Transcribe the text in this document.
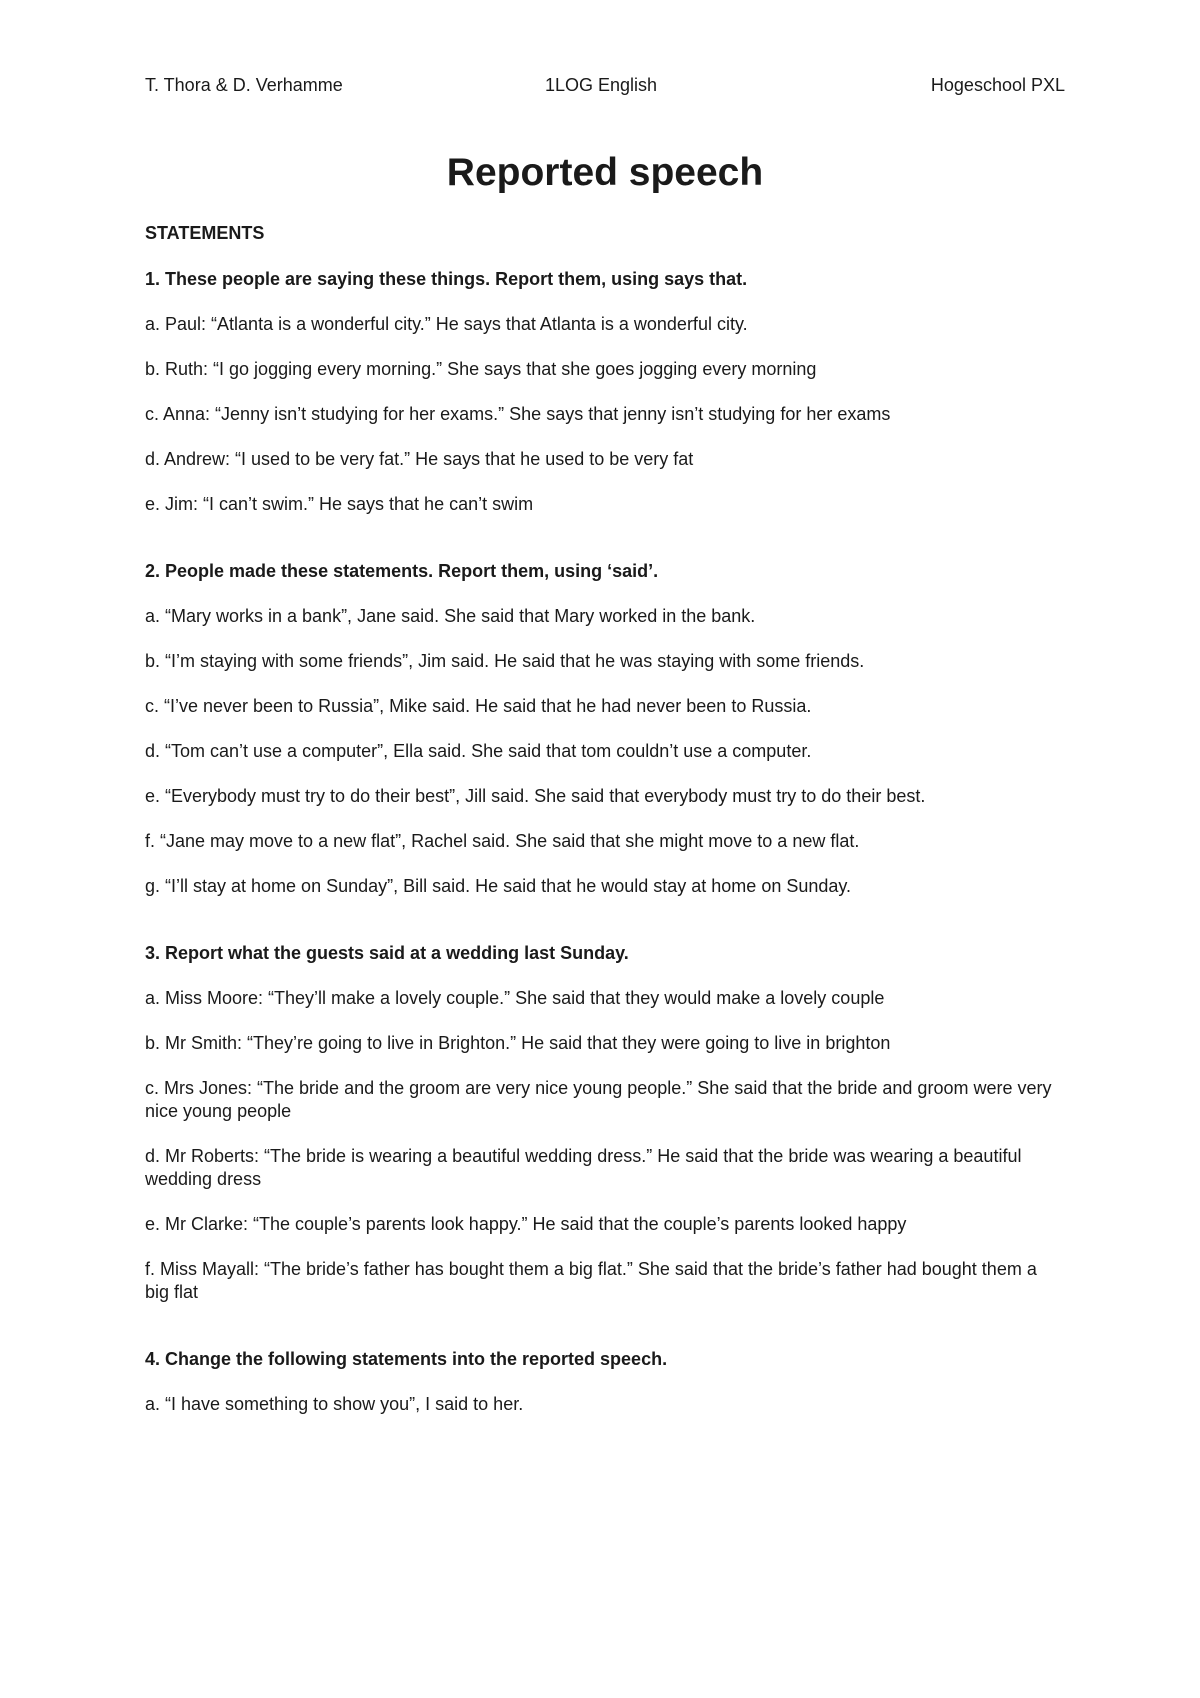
T. Thora & D. Verhamme	1LOG English	Hogeschool PXL
Reported speech
STATEMENTS
1. These people are saying these things. Report them, using says that.
a. Paul: “Atlanta is a wonderful city.” He says that Atlanta is a wonderful city.
b. Ruth: “I go jogging every morning.” She says that she goes jogging every morning
c. Anna: “Jenny isn’t studying for her exams.” She says that jenny isn’t studying for her exams
d. Andrew: “I used to be very fat.” He says that he used to be very fat
e. Jim: “I can’t swim.” He says that he can’t swim
2. People made these statements. Report them, using ‘said’.
a. “Mary works in a bank”, Jane said. She said that Mary worked in the bank.
b. “I’m staying with some friends”, Jim said. He said that he was staying with some friends.
c. “I’ve never been to Russia”, Mike said. He said that he had never been to Russia.
d. “Tom can’t use a computer”, Ella said. She said that tom couldn’t use a computer.
e. “Everybody must try to do their best”, Jill said. She said that everybody must try to do their best.
f. “Jane may move to a new flat”, Rachel said. She said that she might move to a new flat.
g. “I’ll stay at home on Sunday”, Bill said. He said that he would stay at home on Sunday.
3. Report what the guests said at a wedding last Sunday.
a. Miss Moore: “They’ll make a lovely couple.” She said that they would make a lovely couple
b. Mr Smith: “They’re going to live in Brighton.” He said that they were going to live in brighton
c. Mrs Jones: “The bride and the groom are very nice young people.” She said that the bride and groom were very nice young people
d. Mr Roberts: “The bride is wearing a beautiful wedding dress.” He said that the bride was wearing a beautiful wedding dress
e. Mr Clarke: “The couple’s parents look happy.” He said that the couple’s parents looked happy
f. Miss Mayall: “The bride’s father has bought them a big flat.” She said that the bride’s father had bought them a big flat
4. Change the following statements into the reported speech.
a. “I have something to show you”, I said to her.
